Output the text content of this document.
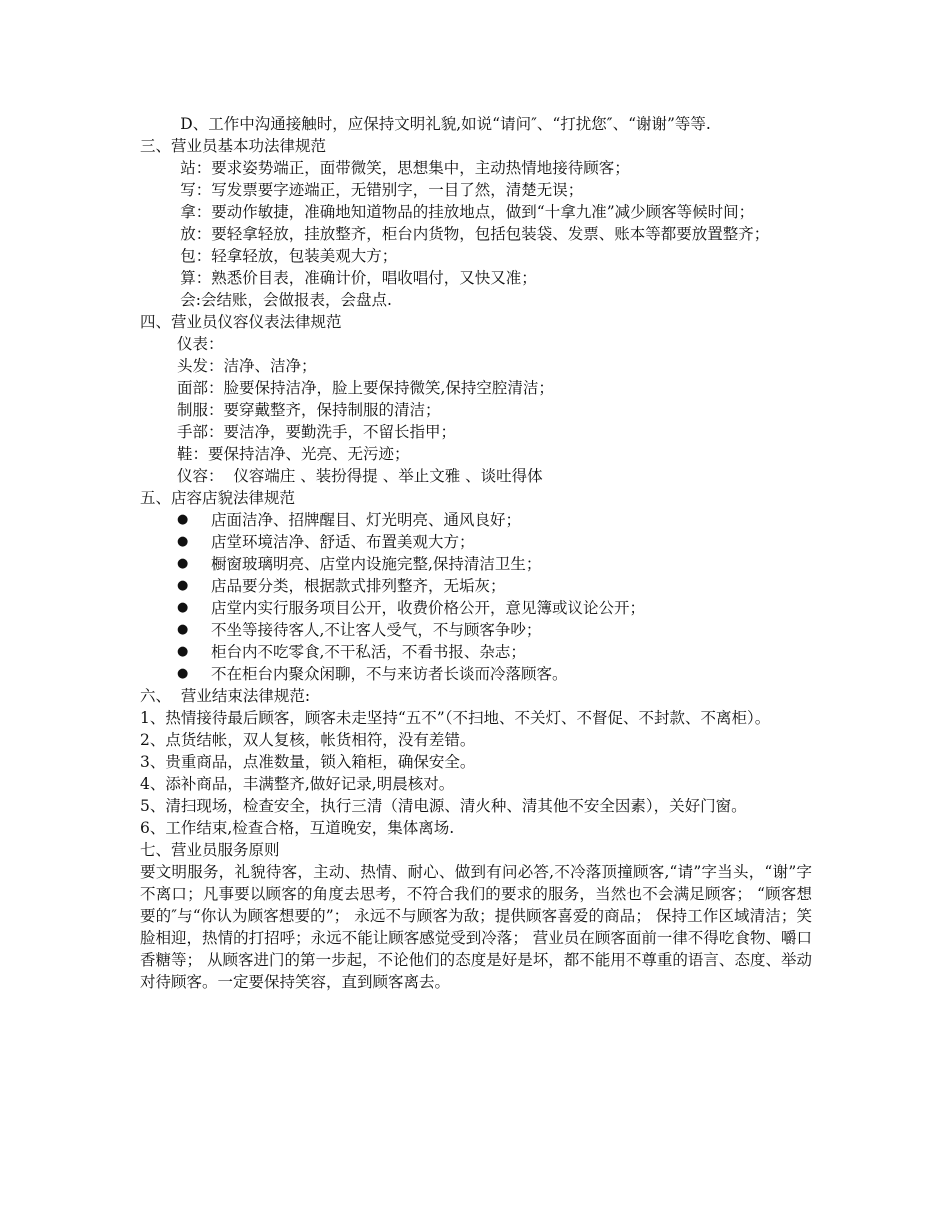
D、工作中沟通接触时，应保持文明礼貌,如说“请问″、“打扰您″、“谢谢”等等.

三、营业员基本功法律规范

站：要求姿势端正，面带微笑，思想集中，主动热情地接待顾客；

写：写发票要字迹端正，无错别字，一目了然，清楚无误；

拿：要动作敏捷，准确地知道物品的挂放地点，做到“十拿九准”减少顾客等候时间；

放：要轻拿轻放，挂放整齐，柜台内货物，包括包装袋、发票、账本等都要放置整齐；

包：轻拿轻放，包装美观大方；

算：熟悉价目表，准确计价，唱收唱付，又快又准；

会:会结账，会做报表，会盘点.

四、营业员仪容仪表法律规范

仪表：

头发：洁净、洁净；

面部：脸要保持洁净，脸上要保持微笑,保持空腔清洁；

制服：要穿戴整齐，保持制服的清洁；

手部：要洁净，要勤洗手，不留长指甲；

鞋：要保持洁净、光亮、无污迹；

仪容：  仪容端庄 、装扮得提 、举止文雅 、谈吐得体

五、店容店貌法律规范

●	店面洁净、招牌醒目、灯光明亮、通风良好；
●	店堂环境洁净、舒适、布置美观大方；
●	橱窗玻璃明亮、店堂内设施完整,保持清洁卫生；
●	店品要分类，根据款式排列整齐，无垢灰；
●	店堂内实行服务项目公开，收费价格公开，意见簿或议论公开；
●	不坐等接待客人,不让客人受气，不与顾客争吵；
●	柜台内不吃零食,不干私活，不看书报、杂志；
●	不在柜台内聚众闲聊，不与来访者长谈而冷落顾客。

六、  营业结束法律规范:

1、热情接待最后顾客，顾客未走坚持“五不”（不扫地、不关灯、不督促、不封款、不离柜）。

2、点货结帐，双人复核，帐货相符，没有差错。

3、贵重商品，点准数量，锁入箱柜，确保安全。

4、添补商品，丰满整齐,做好记录,明晨核对。

5、清扫现场，检查安全，执行三清（清电源、清火种、清其他不安全因素），关好门窗。

6、工作结束,检查合格，互道晚安，集体离场.

七、营业员服务原则

要文明服务，礼貌待客，主动、热情、耐心、做到有问必答,不冷落顶撞顾客,“请”字当头，“谢”字不离口；凡事要以顾客的角度去思考，不符合我们的要求的服务，当然也不会满足顾客； “顾客想要的″与“你认为顾客想要的”； 永远不与顾客为敌；提供顾客喜爱的商品； 保持工作区域清洁；笑脸相迎，热情的打招呼；永远不能让顾客感觉受到冷落； 营业员在顾客面前一律不得吃食物、嚼口香糖等； 从顾客进门的第一步起，不论他们的态度是好是坏，都不能用不尊重的语言、态度、举动对待顾客。一定要保持笑容，直到顾客离去。
